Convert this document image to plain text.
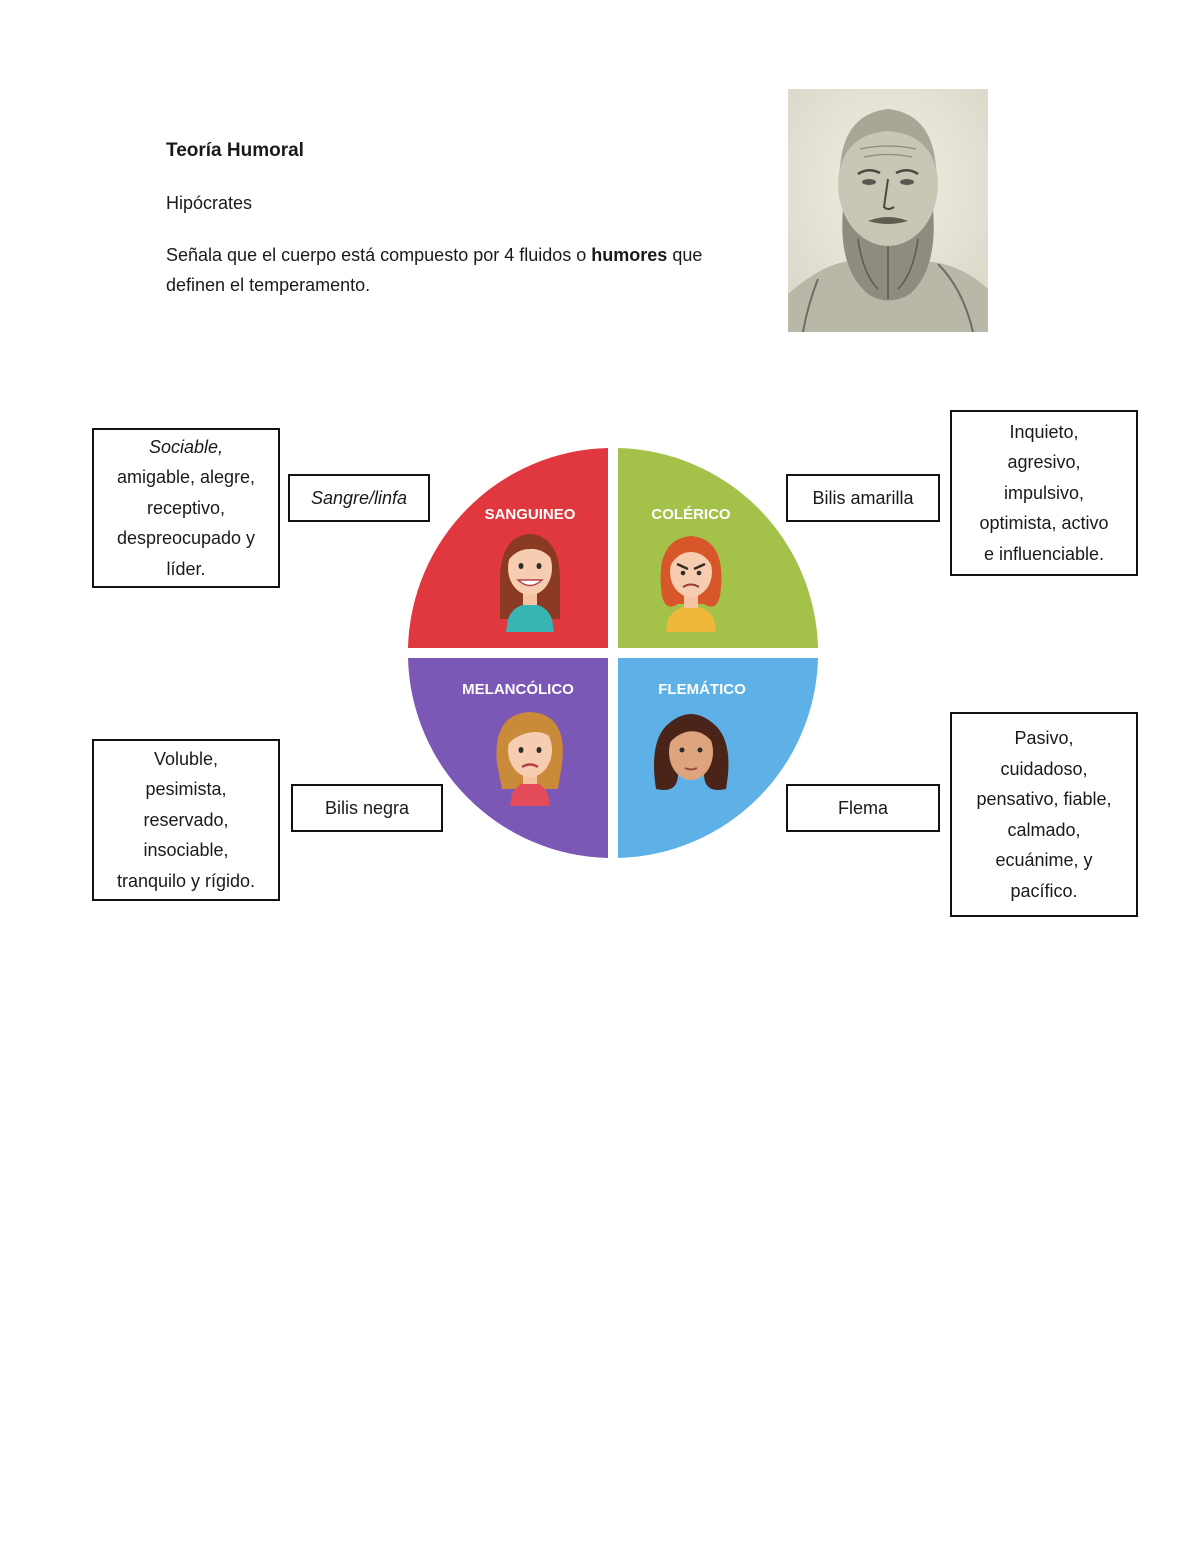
Teoría Humoral
Hipócrates
Señala que el cuerpo está compuesto por 4 fluidos o humores que definen el temperamento.
SANGUINEO	COLÉRICO
MELANCÓLICO	FLEMÁTICO
Sociable,
amigable, alegre,
receptivo,
despreocupado y
líder.
Inquieto,
agresivo,
impulsivo,
optimista, activo
e influenciable.
Voluble,
pesimista,
reservado,
insociable,
tranquilo y rígido.
Pasivo,
cuidadoso,
pensativo, fiable,
calmado,
ecuánime, y
pacífico.
Sangre/linfa	Bilis amarilla
Bilis negra	Flema
